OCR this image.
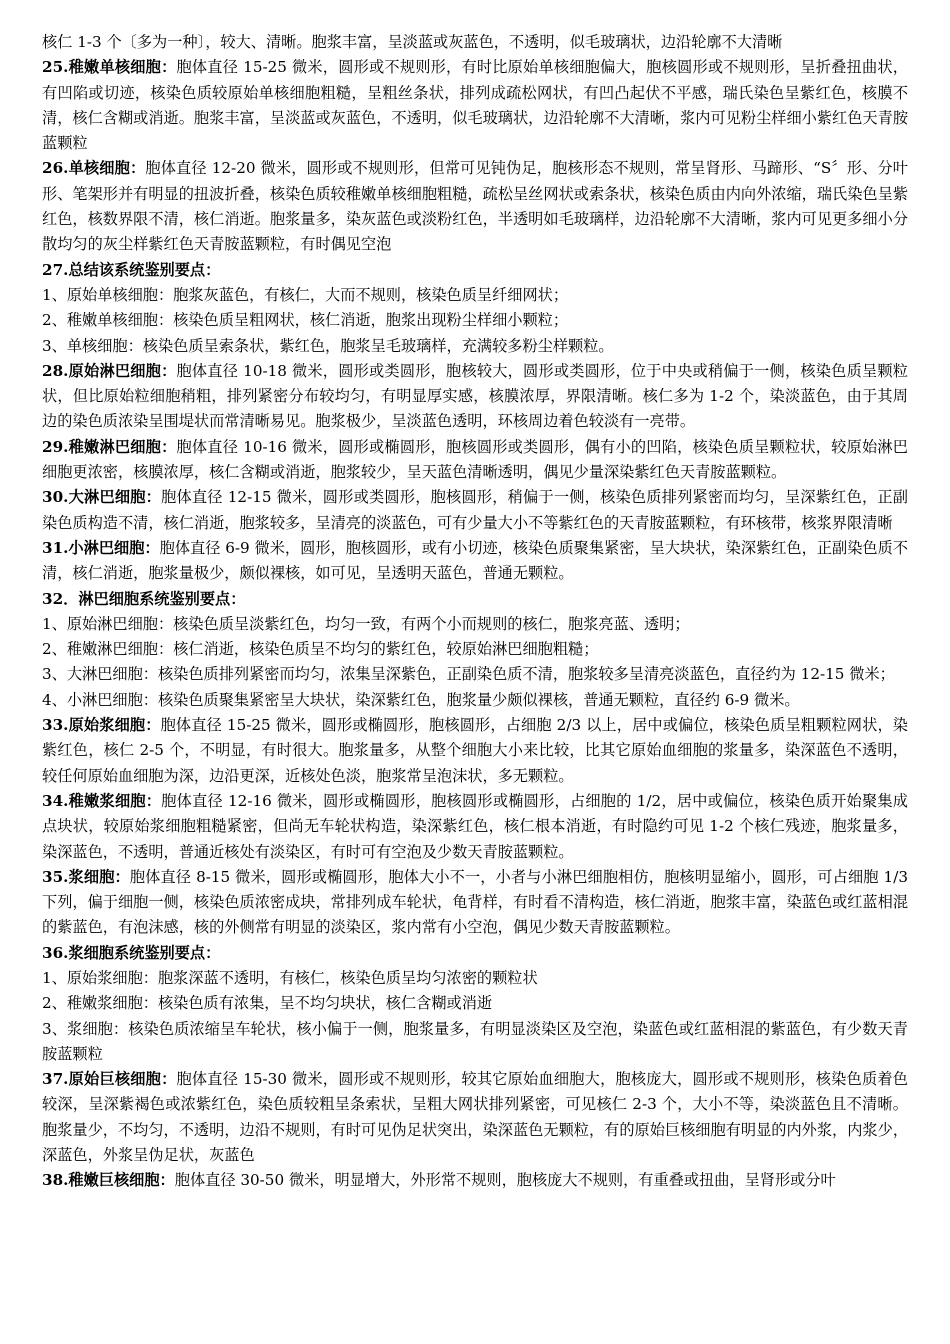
核仁 1-3 个〔多为一种〕，较大、清晰。胞浆丰富，呈淡蓝或灰蓝色，不透明，似毛玻璃状，边沿轮廓不大清晰

25.稚嫩单核细胞：胞体直径 15-25 微米，圆形或不规则形，有时比原始单核细胞偏大，胞核圆形或不规则形，呈折叠扭曲状，有凹陷或切迹，核染色质较原始单核细胞粗糙，呈粗丝条状，排列成疏松网状，有凹凸起伏不平感，瑞氏染色呈紫红色，核膜不清，核仁含糊或消逝。胞浆丰富，呈淡蓝或灰蓝色，不透明，似毛玻璃状，边沿轮廓不大清晰，浆内可见粉尘样细小紫红色天青胺蓝颗粒

26.单核细胞：胞体直径 12-20 微米，圆形或不规则形，但常可见钝伪足，胞核形态不规则，常呈肾形、马蹄形、“S〞形、分叶形、笔架形并有明显的扭波折叠，核染色质较稚嫩单核细胞粗糙，疏松呈丝网状或索条状，核染色质由内向外浓缩，瑞氏染色呈紫红色，核数界限不清，核仁消逝。胞浆量多，染灰蓝色或淡粉红色，半透明如毛玻璃样，边沿轮廓不大清晰，浆内可见更多细小分散均匀的灰尘样紫红色天青胺蓝颗粒，有时偶见空泡

27.总结该系统鉴别要点：

1、原始单核细胞：胞浆灰蓝色，有核仁，大而不规则，核染色质呈纤细网状；

2、稚嫩单核细胞：核染色质呈粗网状，核仁消逝，胞浆出现粉尘样细小颗粒；

3、单核细胞：核染色质呈索条状，紫红色，胞浆呈毛玻璃样，充满较多粉尘样颗粒。

28.原始淋巴细胞：胞体直径 10-18 微米，圆形或类圆形，胞核较大，圆形或类圆形，位于中央或稍偏于一侧，核染色质呈颗粒状，但比原始粒细胞稍粗，排列紧密分布较均匀，有明显厚实感，核膜浓厚，界限清晰。核仁多为 1-2 个，染淡蓝色，由于其周边的染色质浓染呈围堤状而常清晰易见。胞浆极少，呈淡蓝色透明，环核周边着色较淡有一亮带。

29.稚嫩淋巴细胞：胞体直径 10-16 微米，圆形或椭圆形，胞核圆形或类圆形，偶有小的凹陷，核染色质呈颗粒状，较原始淋巴细胞更浓密，核膜浓厚，核仁含糊或消逝，胞浆较少，呈天蓝色清晰透明，偶见少量深染紫红色天青胺蓝颗粒。

30.大淋巴细胞：胞体直径 12-15 微米，圆形或类圆形，胞核圆形，稍偏于一侧，核染色质排列紧密而均匀，呈深紫红色，正副染色质构造不清，核仁消逝，胞浆较多，呈清亮的淡蓝色，可有少量大小不等紫红色的天青胺蓝颗粒，有环核带，核浆界限清晰

31.小淋巴细胞：胞体直径 6-9 微米，圆形，胞核圆形，或有小切迹，核染色质聚集紧密，呈大块状，染深紫红色，正副染色质不清，核仁消逝，胞浆量极少，颇似裸核，如可见，呈透明天蓝色，普通无颗粒。

32．淋巴细胞系统鉴别要点：

1、原始淋巴细胞：核染色质呈淡紫红色，均匀一致，有两个小而规则的核仁，胞浆亮蓝、透明；

2、稚嫩淋巴细胞：核仁消逝，核染色质呈不均匀的紫红色，较原始淋巴细胞粗糙；

3、大淋巴细胞：核染色质排列紧密而均匀，浓集呈深紫色，正副染色质不清，胞浆较多呈清亮淡蓝色，直径约为 12-15 微米；

4、小淋巴细胞：核染色质聚集紧密呈大块状，染深紫红色，胞浆量少颇似裸核，普通无颗粒，直径约 6-9 微米。

33.原始浆细胞：胞体直径 15-25 微米，圆形或椭圆形，胞核圆形，占细胞 2/3 以上，居中或偏位，核染色质呈粗颗粒网状，染紫红色，核仁 2-5 个，不明显，有时很大。胞浆量多，从整个细胞大小来比较，比其它原始血细胞的浆量多，染深蓝色不透明，较任何原始血细胞为深，边沿更深，近核处色淡，胞浆常呈泡沫状，多无颗粒。

34.稚嫩浆细胞：胞体直径 12-16 微米，圆形或椭圆形，胞核圆形或椭圆形，占细胞的 1/2，居中或偏位，核染色质开始聚集成点块状，较原始浆细胞粗糙紧密，但尚无车轮状构造，染深紫红色，核仁根本消逝，有时隐约可见 1-2 个核仁残迹，胞浆量多，染深蓝色，不透明，普通近核处有淡染区，有时可有空泡及少数天青胺蓝颗粒。

35.浆细胞：胞体直径 8-15 微米，圆形或椭圆形，胞体大小不一，小者与小淋巴细胞相仿，胞核明显缩小，圆形，可占细胞 1/3 下列，偏于细胞一侧，核染色质浓密成块，常排列成车轮状，龟背样，有时看不清构造，核仁消逝，胞浆丰富，染蓝色或红蓝相混的紫蓝色，有泡沫感，核的外侧常有明显的淡染区，浆内常有小空泡，偶见少数天青胺蓝颗粒。

36.浆细胞系统鉴别要点：

1、原始浆细胞：胞浆深蓝不透明，有核仁，核染色质呈均匀浓密的颗粒状

2、稚嫩浆细胞：核染色质有浓集，呈不均匀块状，核仁含糊或消逝

3、浆细胞：核染色质浓缩呈车轮状，核小偏于一侧，胞浆量多，有明显淡染区及空泡，染蓝色或红蓝相混的紫蓝色，有少数天青胺蓝颗粒

37.原始巨核细胞：胞体直径 15-30 微米，圆形或不规则形，较其它原始血细胞大，胞核庞大，圆形或不规则形，核染色质着色较深，呈深紫褐色或浓紫红色，染色质较粗呈条索状，呈粗大网状排列紧密，可见核仁 2-3 个，大小不等，染淡蓝色且不清晰。胞浆量少，不均匀，不透明，边沿不规则，有时可见伪足状突出，染深蓝色无颗粒，有的原始巨核细胞有明显的内外浆，内浆少，深蓝色，外浆呈伪足状，灰蓝色

38.稚嫩巨核细胞：胞体直径 30-50 微米，明显增大，外形常不规则，胞核庞大不规则，有重叠或扭曲，呈肾形或分叶
